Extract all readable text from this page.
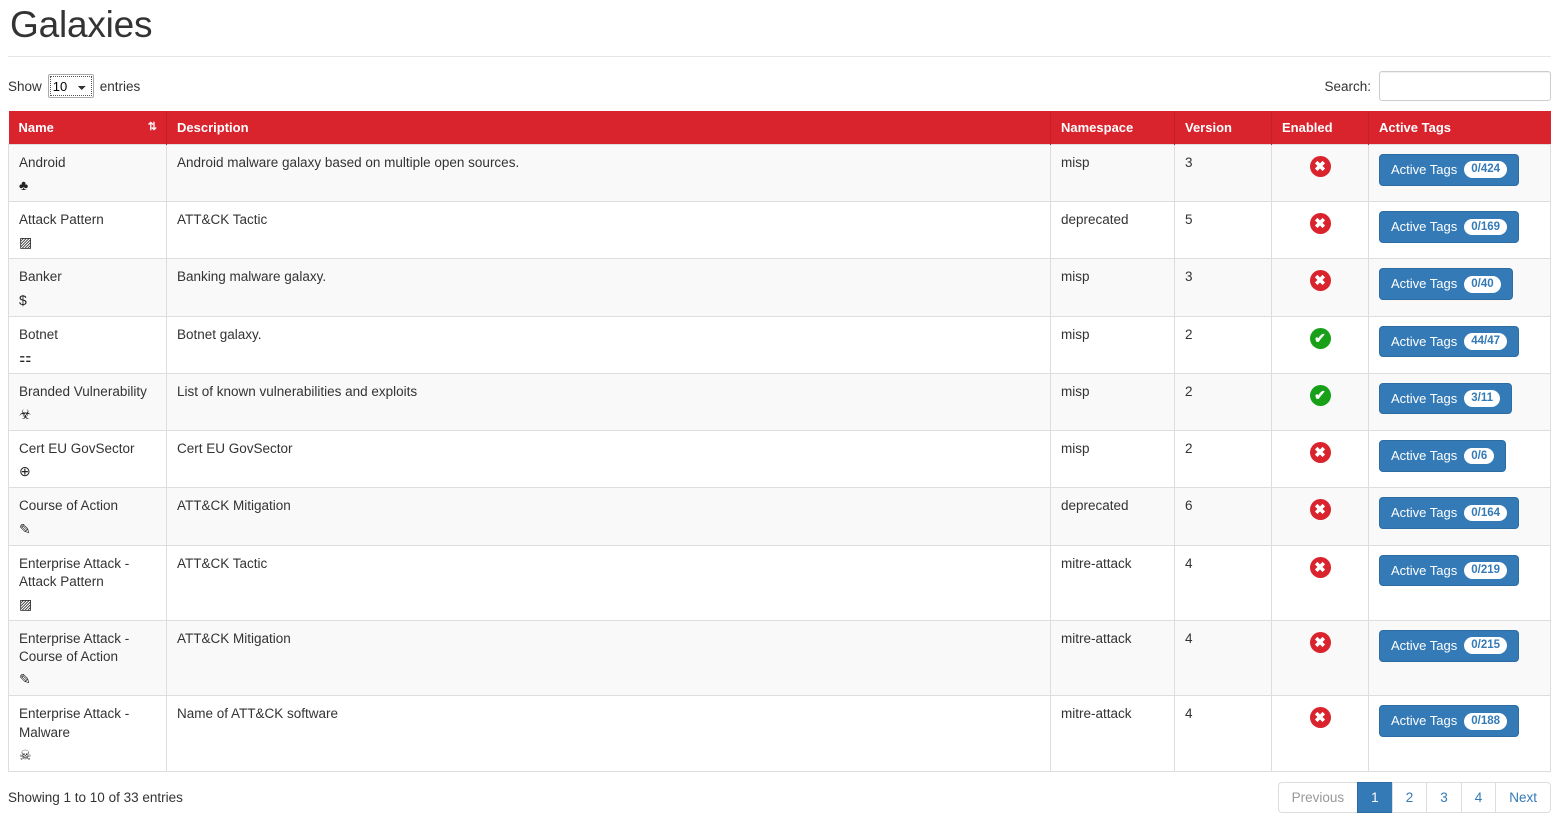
Galaxies
Show
10	entries	Search:
Name ⇅	Description	Namespace	Version	Enabled	Active Tags
Android
♣	Android malware galaxy based on multiple open sources.	misp	3	✖	Active Tags 0/424

Attack Pattern
▨	ATT&CK Tactic	deprecated	5	✖	Active Tags 0/169

Banker
$	Banking malware galaxy.	misp	3	✖	Active Tags 0/40

Botnet
⚏	Botnet galaxy.	misp	2	✔	Active Tags 44/47

Branded Vulnerability
☣	List of known vulnerabilities and exploits	misp	2	✔	Active Tags 3/11

Cert EU GovSector
⊕	Cert EU GovSector	misp	2	✖	Active Tags 0/6

Course of Action
✎	ATT&CK Mitigation	deprecated	6	✖	Active Tags 0/164

Enterprise Attack - Attack Pattern
▨	ATT&CK Tactic	mitre-attack	4	✖	Active Tags 0/219

Enterprise Attack - Course of Action
✎	ATT&CK Mitigation	mitre-attack	4	✖	Active Tags 0/215

Enterprise Attack - Malware
☠	Name of ATT&CK software	mitre-attack	4	✖	Active Tags 0/188
Showing 1 to 10 of 33 entries	Previous	1	2	3	4	Next
